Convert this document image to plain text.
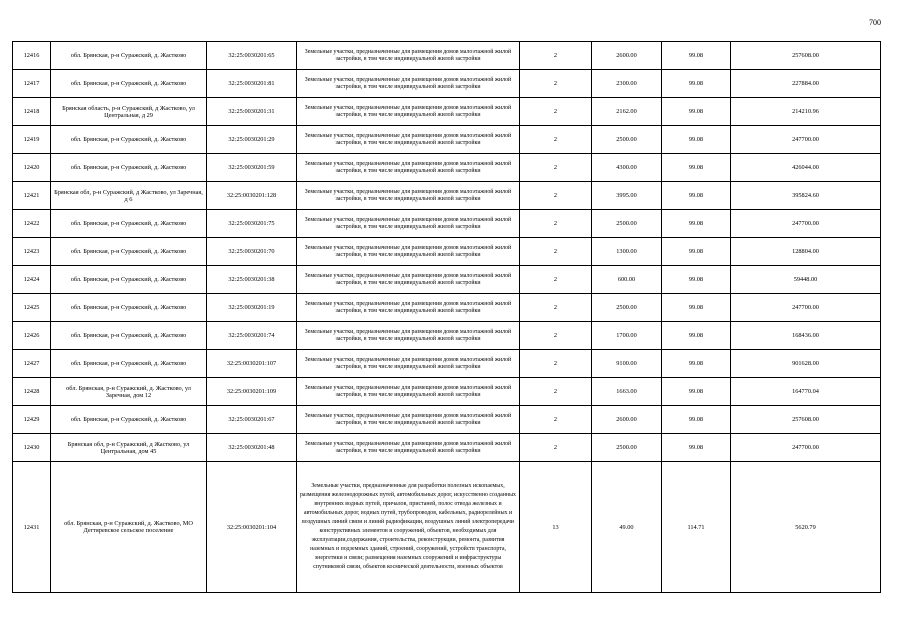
700
12416	обл. Брянская, р-н Суражский, д. Жастково	32:25:0030201:65	Земельные участки, предназначенные для размещения домов малоэтажной жилой застройки, в том числе индивидуальной жилой застройки	2	2600.00	99.08	257608.00
12417	обл. Брянская, р-н Суражский, д. Жастково	32:25:0030201:81	Земельные участки, предназначенные для размещения домов малоэтажной жилой застройки, в том числе индивидуальной жилой застройки	2	2300.00	99.08	227884.00
12418	Брянская область, р-н Суражский, д Жастково, ул Центральная, д 29	32:25:0030201:31	Земельные участки, предназначенные для размещения домов малоэтажной жилой застройки, в том числе индивидуальной жилой застройки	2	2162.00	99.08	214210.96
12419	обл. Брянская, р-н Суражский, д. Жастково	32:25:0030201:29	Земельные участки, предназначенные для размещения домов малоэтажной жилой застройки, в том числе индивидуальной жилой застройки	2	2500.00	99.08	247700.00
12420	обл. Брянская, р-н Суражский, д. Жастково	32:25:0030201:59	Земельные участки, предназначенные для размещения домов малоэтажной жилой застройки, в том числе индивидуальной жилой застройки	2	4300.00	99.08	426044.00
12421	Брянская обл, р-н Суражский, д Жастково, ул Заречная, д 6	32:25:0030201:128	Земельные участки, предназначенные для размещения домов малоэтажной жилой застройки, в том числе индивидуальной жилой застройки	2	3995.00	99.08	395824.60
12422	обл. Брянская, р-н Суражский, д. Жастково	32:25:0030201:75	Земельные участки, предназначенные для размещения домов малоэтажной жилой застройки, в том числе индивидуальной жилой застройки	2	2500.00	99.08	247700.00
12423	обл. Брянская, р-н Суражский, д. Жастково	32:25:0030201:70	Земельные участки, предназначенные для размещения домов малоэтажной жилой застройки, в том числе индивидуальной жилой застройки	2	1300.00	99.08	128804.00
12424	обл. Брянская, р-н Суражский, д. Жастково	32:25:0030201:38	Земельные участки, предназначенные для размещения домов малоэтажной жилой застройки, в том числе индивидуальной жилой застройки	2	600.00	99.08	59448.00
12425	обл. Брянская, р-н Суражский, д. Жастково	32:25:0030201:19	Земельные участки, предназначенные для размещения домов малоэтажной жилой застройки, в том числе индивидуальной жилой застройки	2	2500.00	99.08	247700.00
12426	обл. Брянская, р-н Суражский, д. Жастково	32:25:0030201:74	Земельные участки, предназначенные для размещения домов малоэтажной жилой застройки, в том числе индивидуальной жилой застройки	2	1700.00	99.08	168436.00
12427	обл. Брянская, р-н Суражский, д. Жастково	32:25:0030201:107	Земельные участки, предназначенные для размещения домов малоэтажной жилой застройки, в том числе индивидуальной жилой застройки	2	9100.00	99.08	901628.00
12428	обл. Брянская, р-н Суражский, д. Жастково, ул Заречная, дом 12	32:25:0030201:109	Земельные участки, предназначенные для размещения домов малоэтажной жилой застройки, в том числе индивидуальной жилой застройки	2	1663.00	99.08	164770.04
12429	обл. Брянская, р-н Суражский, д. Жастково	32:25:0030201:67	Земельные участки, предназначенные для размещения домов малоэтажной жилой застройки, в том числе индивидуальной жилой застройки	2	2600.00	99.08	257608.00
12430	Брянская обл, р-н Суражский, д Жастково, ул Центральная, дом 45	32:25:0030201:48	Земельные участки, предназначенные для размещения домов малоэтажной жилой застройки, в том числе индивидуальной жилой застройки	2	2500.00	99.08	247700.00
12431	обл. Брянская, р-н Суражский, д. Жастково, МО Дегтяревское сельское поселение	32:25:0030201:104	Земельные участки, предназначенные для разработки полезных ископаемых, размещения железнодорожных путей, автомобильных дорог, искусственно созданных внутренних водных путей, причалов, пристаней, полос отвода железных и автомобильных дорог, водных путей, трубопроводов, кабельных, радиорелейных и воздушных линий связи и линий радиофикации, воздушных линий электропередачи конструктивных элементов и сооружений, объектов, необходимых для эксплуатации,содержания, строительства, реконструкции, ремонта, развития наземных и подземных зданий, строений, сооружений, устройств транспорта, энергетики и связи; размещения наземных сооружений и инфраструктуры спутниковой связи, объектов космической деятельности, военных объектов	13	49.00	114.71	5620.79
